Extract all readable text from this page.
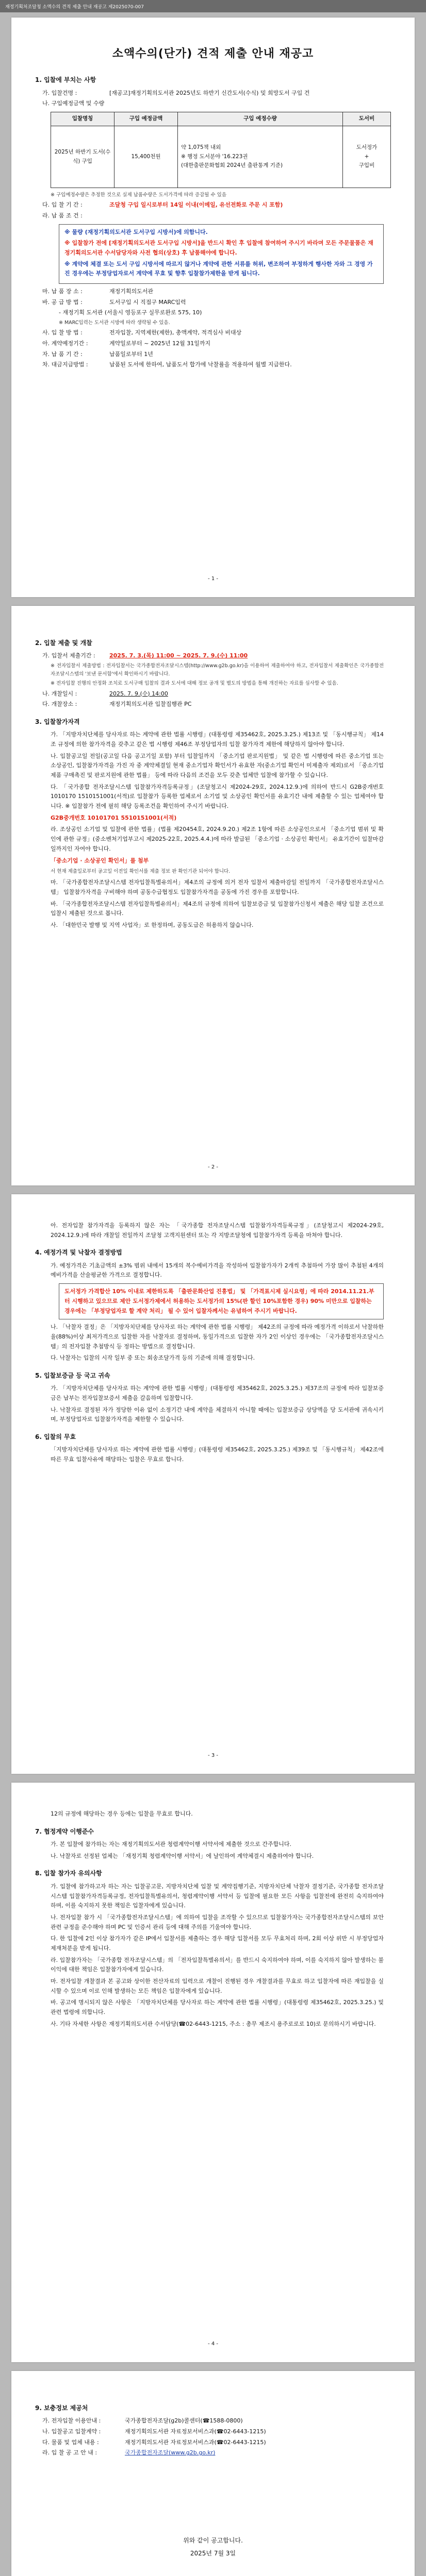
재정기획처조달청 소액수의 견적 제출 안내 재공고 제2025070-007
소액수의(단가) 견적 제출 안내 재공고
1. 입찰에 부치는 사항
가. 입찰건명 :	[재공고]재정기획의도서관 2025년도 하반기 신간도서(수식) 및 희망도서 구입 건
나. 구입예정금액 및 수량
입찰명칭	구입 예정금액	구입 예정수량	도서비
2025년 하반기 도서(수식) 구입	15,400천원	약 1,075책 내외
※ 행정 도서분야 '16.223권
(대한출판문화협회 2024년 출판통계 기준)	도서정가
+
구입비
※ 구입예정수량은 추정한 것으로 실제 납품수량은 도서가격에 따라 증감될 수 있음
다. 입 찰 기 간 :	조달청 구입 일시로부터 14일 이내(이메일, 유선전화로 주문 시 포함)
라. 납 품 조 건 :

※ 물량 (재정기획의도서관 도서구입 시방서)에 의함니다.

※ 입찰참가 전에 [재정기획의도서관 도서구입 시방서]을 반드시 확인 후 입찰에 참여하여 주시기 바라며 모든 주문물품은 재정기획의도서관 수서담당자와 사전 협의(상호) 후 납품해야에 합니다.

※ 계약에 체결 또는 도서 구입 시방서에 따르지 않거나 계약에 관한 서류를 허위, 변조하여 부정하게 행사한 자와 그 경영 가진 경우에는 부정당업자로서 계약에 무효 및 향후 입찰참가제한을 받게 됩니다.

마. 납 품 장 소 :	재정기획의도서관
바. 공 급 방 법 :	도서구입 시 직접구 MARC입력
- 재정기획 도서관 (서울시 영등포구 실무로완로 575, 10)
※ MARC입력는 도서관 시방에 따라 생략될 수 있음.
사. 입 찰 방 법 :	전자입찰, 지역제한(제한), 총액계약, 적격심사 비대상
아. 계약예정기간 :	계약일로부터 ~ 2025년 12월 31일까지
자. 납 품 기 간 :	납품일로부터 1년
차. 대금지급방법 :	납품된 도서에 한하여, 납품도서 합가에 낙찰률을 적용하여 월별 지급한다.
- 1 -
2. 입찰 제출 및 개찰
가. 입찰서 제출기간 :	2025. 7. 3.(목) 11:00 ~ 2025. 7. 9.(수) 11:00
※ 전자입찰서 제출방법 : 전자입찰서는 국가종합전자조달시스템(http://www.g2b.go.kr)을 이용하여 제출하여야 하고, 전자입찰서 제출확인은 국가종합전자조달시스템의 '보낸 문서함'에서 확인하시기 바랍니다.
※ 전자입찰 진행의 안정화 조치로 도서구매 입찰의 결과 도서에 대해 정보 공개 및 별도의 방법을 통해 개진하는 자료를 심사할 수 있음.
나. 개찰일시 :	2025. 7. 9.(수) 14:00
다. 개찰장소 :	재정기획의도서관 입찰집행관 PC
3. 입찰참가자격
가. 「지방자치단체를 당사자로 하는 계약에 관한 법률 시행령」(대통령령 제35462호, 2025.3.25.) 제13조 및 「동시행규칙」 제14조 규정에 의한 참가자격을 갖추고 같은 법 시행령 제46조 부정당업자의 입찰 참가자격 제한에 해당하지 않아야 합니다.
나. 입찰공고일 전일(공고일 다음 공고기일 포함) 부터 입찰일까지 「중소기업 판로지원법」 및 같은 법 시행령에 따른 중소기업 또는 소상공인, 입찰참가자격을 가진 자 중 계약체결일 현재 중소기업자 확인서가 유효한 자(중소기업 확인서 미제출자 제외)로서 「중소기업제품 구매촉진 및 판로지원에 관한 법률」 등에 따라 다음의 조건을 모두 갖춘 업체만 입찰에 참가할 수 있습니다.
다. 「국가종합 전자조달시스템 입찰참가자격등록규정」(조달청고시 제2024-29호, 2024.12.9.)에 의하여 반드시 G2B중개번호 1010170 1510151001(서적)로 입찰참가 등록한 업체로서 소기업 및 소상공인 확인서를 유효기간 내에 제출할 수 있는 업체여야 합니다. ※ 입찰참가 전에 필히 해당 등록조건을 확인하여 주시기 바랍니다.
G2B중개번호 10101701 5510151001(서적)
라. 조상공인 소기업 및 입찰에 관한 법률」(법률 제20454호, 2024.9.20.) 제2조 1항에 따른 소상공인으로서 「중소기업 범위 및 확인에 관한 규정」(중소벤처기업부고시 제2025-22호, 2025.4.4.)에 따라 발급된 「중소기업 · 소상공인 확인서」 유효기간이 입찰마감일까지인 자여야 합니다.
「중소기업 · 소상공인 확인서」를 첨부
서 현재 제출일로부터 공고일 이전일 확인서를 제출 정보 판 확인기관 되어야 합니다.
마. 「국가종합전자조달시스템 전자입찰특별유의서」제4조의 규정에 의거 전자 입찰서 제출마감일 전일까지 「국가종합전자조달시스템」 입찰참가자격을 구비해야 하며 공동수급협정도 입찰참가자격을 공동에 가진 경우를 포함합니다.
바. 「국가종합전자조달시스템 전자입찰특별유의서」제4조의 규정에 의하여 입찰보증금 및 입찰참가신청서 제출은 해당 입찰 조건으로 입찰시 제출된 것으로 봅니다.
사. 「대한민국 발행 및 지역 사업자」로 한정하며, 공동도급은 허용하지 않습니다.
- 2 -
아. 전자입찰 참가자격을 등록하지 않은 자는 「국가종합 전자조달시스템 입찰참가자격등록규정」(조달청고시 제2024-29호, 2024.12.9.)에 따라 개찰일 전일까지 조달청 고객지원센터 또는 각 지방조달청에 입찰참가자격 등록을 마쳐야 합니다.
4. 예정가격 및 낙찰자 결정방법
가. 예정가격은 기초금액의 ±3% 범위 내에서 15개의 복수예비가격을 작성하여 입찰참가자가 2개씩 추첨하여 가장 많이 추첨된 4개의 예비가격을 산술평균한 가격으로 결정합니다.
도서정가 가격합산 10% 이내로 제한하도록 「출판문화산업 진흥법」 및 「가격표시제 실시요령」에 따라 2014.11.21.부터 시행하고 있으므로 제안 도서정가제에서 허용하는 도서정가의 15%(판 할인 10%포함한 경우) 90% 미만으로 입찰하는 경우에는 「부정당업자로 할 계약 처리」 될 수 있어 입찰자께서는 유념하여 주시기 바랍니다.
나. 「낙찰자 결정」은 「지방자치단체를 당사자로 하는 계약에 관한 법률 시행령」 제42조의 규정에 따라 예정가격 이하로서 낙찰하한율(88%)이상 최저가격으로 입찰한 자를 낙찰자로 결정하며, 동일가격으로 입찰한 자가 2인 이상인 경우에는 「국가종합전자조달시스템」의 전자입찰 추첨방식 등 정하는 방법으로 결정합니다.
다. 낙찰자는 입찰의 시작 일부 중 또는 회송조달가격 등의 기준에 의해 결정합니다.
5. 입찰보증금 등 국고 귀속
가. 「지방자치단체를 당사자로 하는 계약에 관한 법률 시행령」(대통령령 제35462호, 2025.3.25.) 제37조의 규정에 따라 입찰보증금은 납부는 전자입찰보증서 제출을 갈음하며 입찰합니다.
나. 낙찰자로 결정된 자가 정당한 이유 없이 소정기간 내에 계약을 체결하지 아니할 때에는 입찰보증금 상당액을 당 도서관에 귀속시키며, 부정당업자로 입찰참가자격을 제한할 수 있습니다.
6. 입찰의 무효
「지방자치단체를 당사자로 하는 계약에 관한 법률 시행령」(대통령령 제35462호, 2025.3.25.) 제39조 및 「동시행규칙」 제42조에 따른 무효 입찰사유에 해당하는 입찰은 무효로 합니다.
- 3 -
12의 규정에 해당하는 경우 등에는 입찰을 무효로 합니다.
7. 협정계약 이행준수
가. 본 입찰에 참가하는 자는 재정기획의도서관 청렴계약이행 서약서에 제출한 것으로 간주합니다.
나. 낙찰자로 선정된 업체는 「재정기획 청렴계약이행 서약서」에 날인하여 계약체결시 제출하여야 합니다.
8. 입찰 참가자 유의사항
가. 입찰에 참가하고자 하는 자는 입찰공고문, 지방자치단체 입찰 및 계약집행기준, 지방자치단체 낙찰자 결정기준, 국가종합 전자조달시스템 입찰참가자격등록규정, 전자입찰특별유의서, 청렴계약이행 서약서 등 입찰에 필요한 모든 사항을 입찰전에 완전히 숙지하여야 하며, 이를 숙지하지 못한 책임은 입찰자에게 있습니다.
나. 전자입찰 참가 시 「국가종합전자조달시스템」에 의하여 입찰을 조작할 수 있으므로 입찰참가자는 국가종합전자조달시스템의 보안 관련 규정을 준수해야 하며 PC 및 인증서 관리 등에 대해 주의를 기울여야 합니다.
다. 한 입찰에 2인 이상 참가자가 같은 IP에서 입찰서를 제출하는 경우 해당 입찰서를 모두 무효처리 하며, 2회 이상 위반 시 부정당업자 제재처분을 받게 됩니다.
라. 입찰참가자는 「국가종합 전자조달시스템」의 「전자입찰특별유의서」를 반드시 숙지하여야 하며, 이를 숙지하지 않아 발생하는 불이익에 대한 책임은 입찰참가자에게 있습니다.
마. 전자입찰 개찰결과 본 공고와 상이한 전산자료의 입력으로 개찰이 진행된 경우 개찰결과를 무효로 하고 입찰자에 따른 재입찰을 실시할 수 있으며 이로 인해 발생하는 모든 책임은 입찰자에게 있습니다.
바. 공고에 명시되지 않은 사항은 「지방자치단체를 당사자로 하는 계약에 관한 법률 시행령」(대통령령 제35462호, 2025.3.25.) 및 관련 법령에 의합니다.
사. 기타 자세한 사항은 재정기획의도서관 수서담당(☎02-6443-1215, 주소 : 총무 제조시 용주로로로 10)로 문의하시기 바랍니다.
- 4 -
9. 보충정보 제공처
가. 전자입찰 이용안내 :	국가종합전자조달(g2b)콜센터(☎1588-0800)
나. 입찰공고 입찰계약 :	재정기획의도서관 자료정보서비스과(☎02-6443-1215)
다. 물품 및 업체 내용 :	재정기획의도서관 자료정보서비스과(☎02-6443-1215)
라. 입 찰 공 고 안 내 :	국가종합전자조달(www.g2b.go.kr)
위와 같이 공고합니다.
2025년 7월 3일
